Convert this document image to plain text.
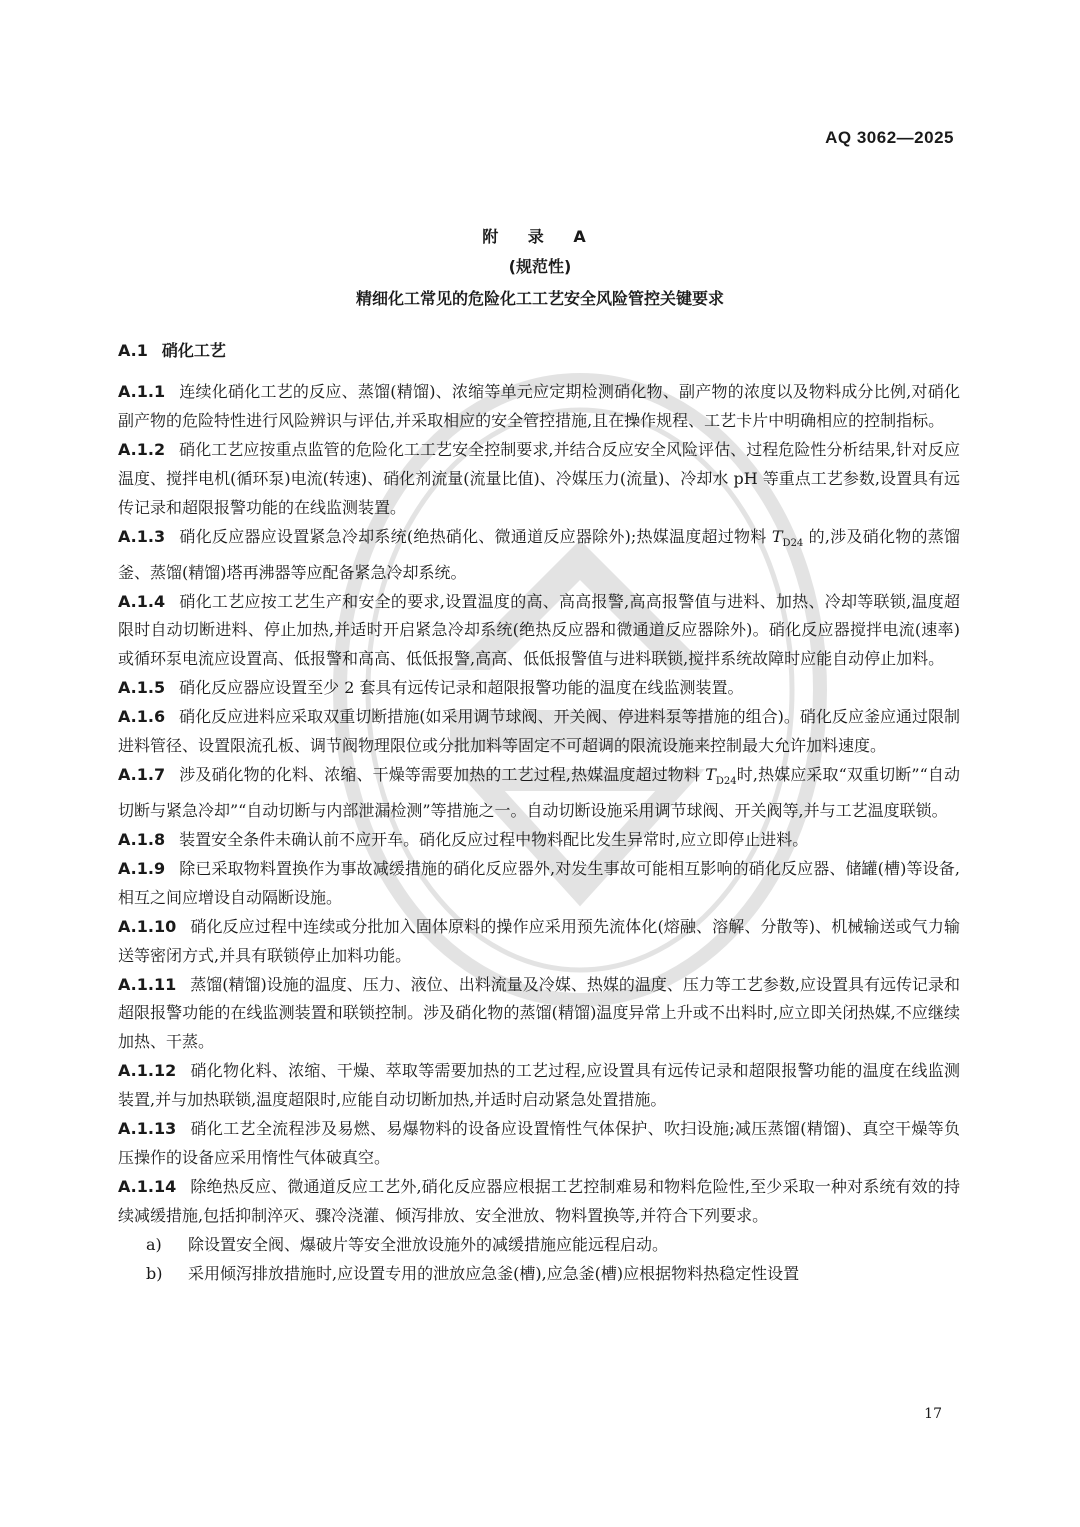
AQ 3062—2025
附 录 A
(规范性)
精细化工常见的危险化工工艺安全风险管控关键要求
A.1 硝化工艺

A.1.1 连续化硝化工艺的反应、蒸馏(精馏)、浓缩等单元应定期检测硝化物、副产物的浓度以及物料成分比例,对硝化副产物的危险特性进行风险辨识与评估,并采取相应的安全管控措施,且在操作规程、工艺卡片中明确相应的控制指标。

A.1.2 硝化工艺应按重点监管的危险化工工艺安全控制要求,并结合反应安全风险评估、过程危险性分析结果,针对反应温度、搅拌电机(循环泵)电流(转速)、硝化剂流量(流量比值)、冷媒压力(流量)、冷却水 pH 等重点工艺参数,设置具有远传记录和超限报警功能的在线监测装置。

A.1.3 硝化反应器应设置紧急冷却系统(绝热硝化、微通道反应器除外);热媒温度超过物料 $T_{D24}$ 的,涉及硝化物的蒸馏釜、蒸馏(精馏)塔再沸器等应配备紧急冷却系统。

A.1.4 硝化工艺应按工艺生产和安全的要求,设置温度的高、高高报警,高高报警值与进料、加热、冷却等联锁,温度超限时自动切断进料、停止加热,并适时开启紧急冷却系统(绝热反应器和微通道反应器除外)。硝化反应器搅拌电流(速率)或循环泵电流应设置高、低报警和高高、低低报警,高高、低低报警值与进料联锁,搅拌系统故障时应能自动停止加料。

A.1.5 硝化反应器应设置至少 2 套具有远传记录和超限报警功能的温度在线监测装置。

A.1.6 硝化反应进料应采取双重切断措施(如采用调节球阀、开关阀、停进料泵等措施的组合)。硝化反应釜应通过限制进料管径、设置限流孔板、调节阀物理限位或分批加料等固定不可超调的限流设施来控制最大允许加料速度。

A.1.7 涉及硝化物的化料、浓缩、干燥等需要加热的工艺过程,热媒温度超过物料 $T_{D24}$时,热媒应采取“双重切断”“自动切断与紧急冷却”“自动切断与内部泄漏检测”等措施之一。自动切断设施采用调节球阀、开关阀等,并与工艺温度联锁。

A.1.8 装置安全条件未确认前不应开车。硝化反应过程中物料配比发生异常时,应立即停止进料。

A.1.9 除已采取物料置换作为事故减缓措施的硝化反应器外,对发生事故可能相互影响的硝化反应器、储罐(槽)等设备,相互之间应增设自动隔断设施。

A.1.10 硝化反应过程中连续或分批加入固体原料的操作应采用预先流体化(熔融、溶解、分散等)、机械输送或气力输送等密闭方式,并具有联锁停止加料功能。

A.1.11 蒸馏(精馏)设施的温度、压力、液位、出料流量及冷媒、热媒的温度、压力等工艺参数,应设置具有远传记录和超限报警功能的在线监测装置和联锁控制。涉及硝化物的蒸馏(精馏)温度异常上升或不出料时,应立即关闭热媒,不应继续加热、干蒸。

A.1.12 硝化物化料、浓缩、干燥、萃取等需要加热的工艺过程,应设置具有远传记录和超限报警功能的温度在线监测装置,并与加热联锁,温度超限时,应能自动切断加热,并适时启动紧急处置措施。

A.1.13 硝化工艺全流程涉及易燃、易爆物料的设备应设置惰性气体保护、吹扫设施;减压蒸馏(精馏)、真空干燥等负压操作的设备应采用惰性气体破真空。

A.1.14 除绝热反应、微通道反应工艺外,硝化反应器应根据工艺控制难易和物料危险性,至少采取一种对系统有效的持续减缓措施,包括抑制淬灭、骤冷浇灌、倾泻排放、安全泄放、物料置换等,并符合下列要求。

a) 除设置安全阀、爆破片等安全泄放设施外的减缓措施应能远程启动。

b) 采用倾泻排放措施时,应设置专用的泄放应急釜(槽),应急釜(槽)应根据物料热稳定性设置

17
